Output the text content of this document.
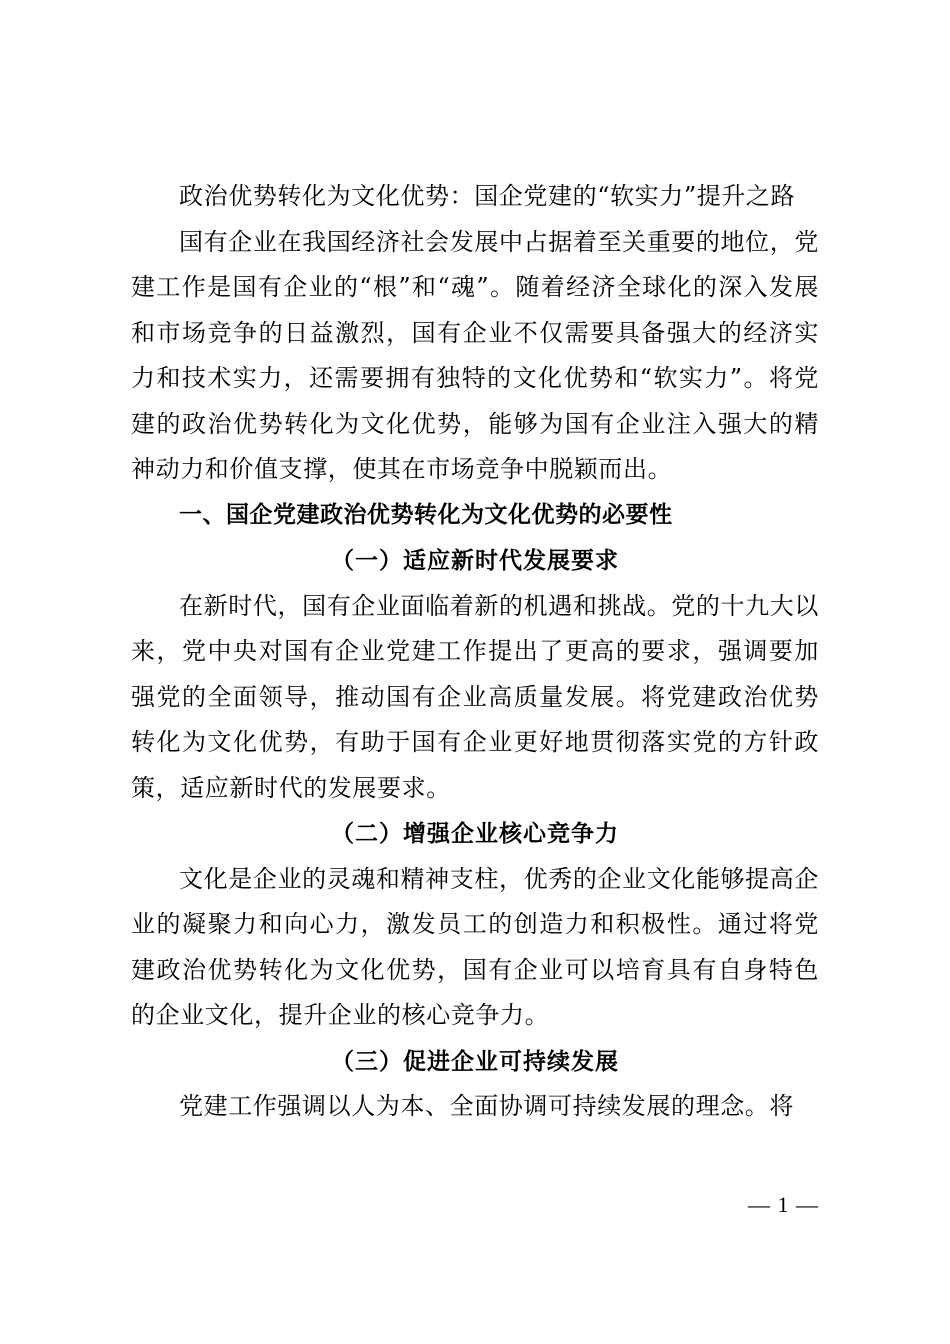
政治优势转化为文化优势：国企党建的“软实力”提升之路

国有企业在我国经济社会发展中占据着至关重要的地位，党建工作是国有企业的“根”和“魂”。随着经济全球化的深入发展和市场竞争的日益激烈，国有企业不仅需要具备强大的经济实力和技术实力，还需要拥有独特的文化优势和“软实力”。将党建的政治优势转化为文化优势，能够为国有企业注入强大的精神动力和价值支撑，使其在市场竞争中脱颖而出。

一、国企党建政治优势转化为文化优势的必要性

（一）适应新时代发展要求

在新时代，国有企业面临着新的机遇和挑战。党的十九大以来，党中央对国有企业党建工作提出了更高的要求，强调要加强党的全面领导，推动国有企业高质量发展。将党建政治优势转化为文化优势，有助于国有企业更好地贯彻落实党的方针政策，适应新时代的发展要求。

（二）增强企业核心竞争力

文化是企业的灵魂和精神支柱，优秀的企业文化能够提高企业的凝聚力和向心力，激发员工的创造力和积极性。通过将党建政治优势转化为文化优势，国有企业可以培育具有自身特色的企业文化，提升企业的核心竞争力。

（三）促进企业可持续发展

党建工作强调以人为本、全面协调可持续发展的理念。将

— 1 —
